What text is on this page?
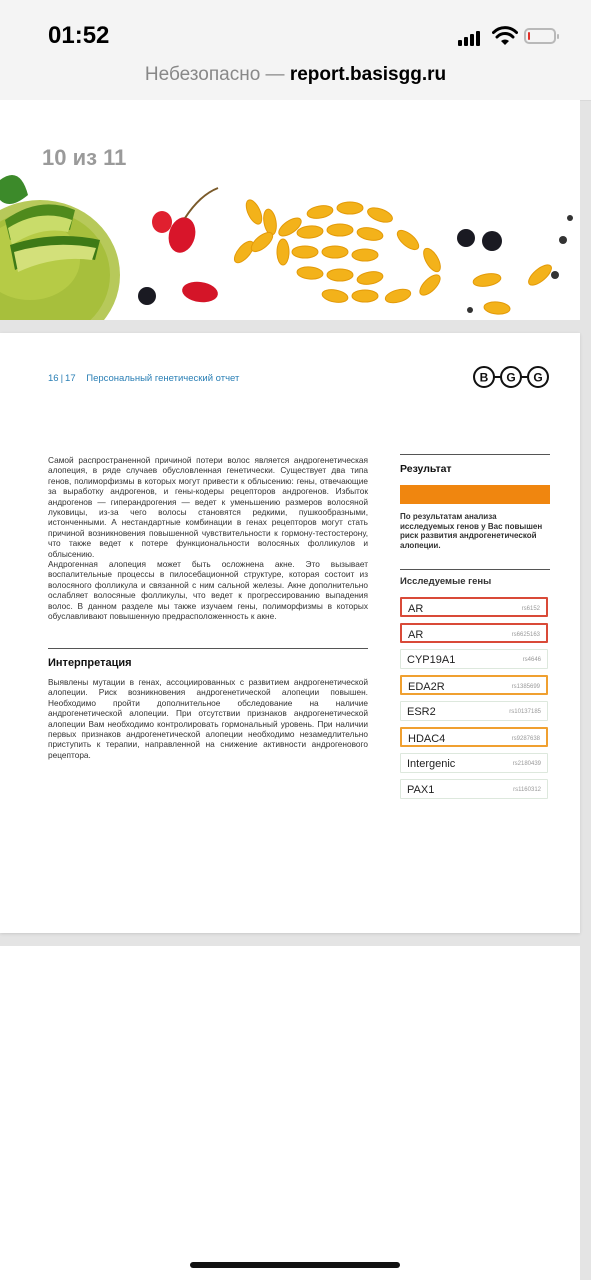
01:52
Небезопасно — report.basisgg.ru
10 из 11
16 | 17 Персональный генетический отчет	B G G

Самой распространенной причиной потери волос является андрогенетическая алопеция, в ряде случаев обусловленная генетически. Существует два типа генов, полиморфизмы в которых могут привести к облысению: гены, отвечающие за выработку андрогенов, и гены-кодеры рецепторов андрогенов. Избыток андрогенов — гиперандрогения — ведет к уменьшению размеров волосяной луковицы, из-за чего волосы становятся редкими, пушкообразными, истонченными. А нестандартные комбинации в генах рецепторов могут стать причиной возникновения повышенной чувствительности к гормону-тестостерону, что также ведет к потере функциональности волосяных фолликулов и облысению.

Андрогенная алопеция может быть осложнена акне. Это вызывает воспалительные процессы в пилосебационной структуре, которая состоит из волосяного фолликула и связанной с ним сальной железы. Акне дополнительно ослабляет волосяные фолликулы, что ведет к прогрессированию выпадения волос. В данном разделе мы также изучаем гены, полиморфизмы в которых обуславливают повышенную предрасположенность к акне.

Интерпретация
Выявлены мутации в генах, ассоциированных с развитием андрогенетической алопеции. Риск возникновения андрогенетической алопеции повышен. Необходимо пройти дополнительное обследование на наличие андрогенетической алопеции. При отсутствии признаков андрогенетической алопеции Вам необходимо контролировать гормональный уровень. При наличии первых признаков андрогенетической алопеции необходимо незамедлительно приступить к терапии, направленной на снижение активности андрогенового рецептора.
Результат
По результатам анализа исследуемых генов у Вас повышен риск развития андрогенетической алопеции.
Исследуемые гены
AR	rs6152
AR	rs6625163
CYP19A1	rs4646
EDA2R	rs1385699
ESR2	rs10137185
HDAC4	rs9287638
Intergenic	rs2180439
PAX1	rs1160312
